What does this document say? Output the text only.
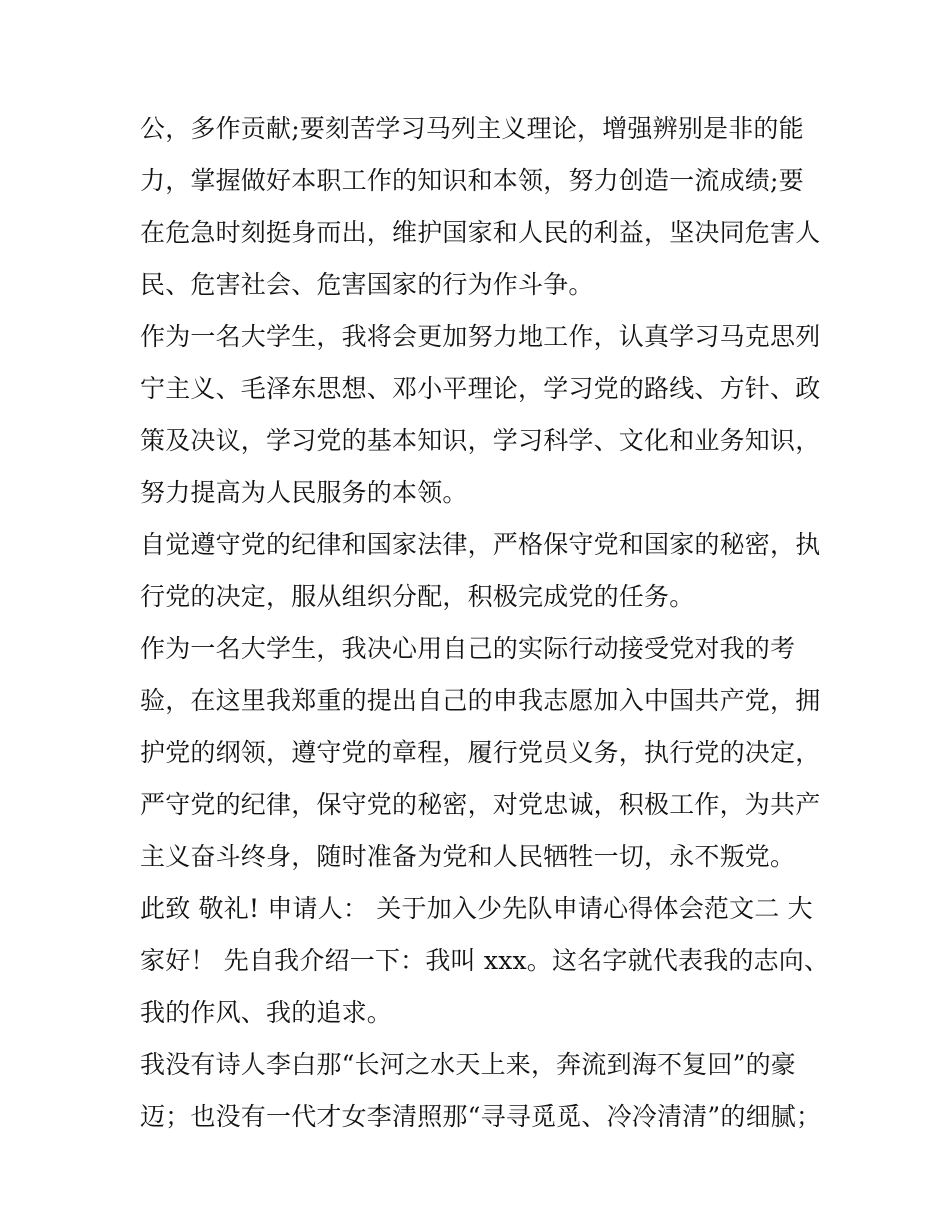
公，多作贡献;要刻苦学习马列主义理论，增强辨别是非的能
力，掌握做好本职工作的知识和本领，努力创造一流成绩;要
在危急时刻挺身而出，维护国家和人民的利益，坚决同危害人
民、危害社会、危害国家的行为作斗争。
作为一名大学生，我将会更加努力地工作，认真学习马克思列
宁主义、毛泽东思想、邓小平理论，学习党的路线、方针、政
策及决议，学习党的基本知识，学习科学、文化和业务知识，
努力提高为人民服务的本领。
自觉遵守党的纪律和国家法律，严格保守党和国家的秘密，执
行党的决定，服从组织分配，积极完成党的任务。
作为一名大学生，我决心用自己的实际行动接受党对我的考
验，在这里我郑重的提出自己的申我志愿加入中国共产党，拥
护党的纲领，遵守党的章程，履行党员义务，执行党的决定，
严守党的纪律，保守党的秘密，对党忠诚，积极工作，为共产
主义奋斗终身，随时准备为党和人民牺牲一切，永不叛党。
此致 敬礼! 申请人： 关于加入少先队申请心得体会范文二 大
家好！ 先自我介绍一下：我叫 xxx。这名字就代表我的志向、
我的作风、我的追求。
我没有诗人李白那“长河之水天上来，奔流到海不复回”的豪
迈；也没有一代才女李清照那“寻寻觅觅、冷冷清清”的细腻；
